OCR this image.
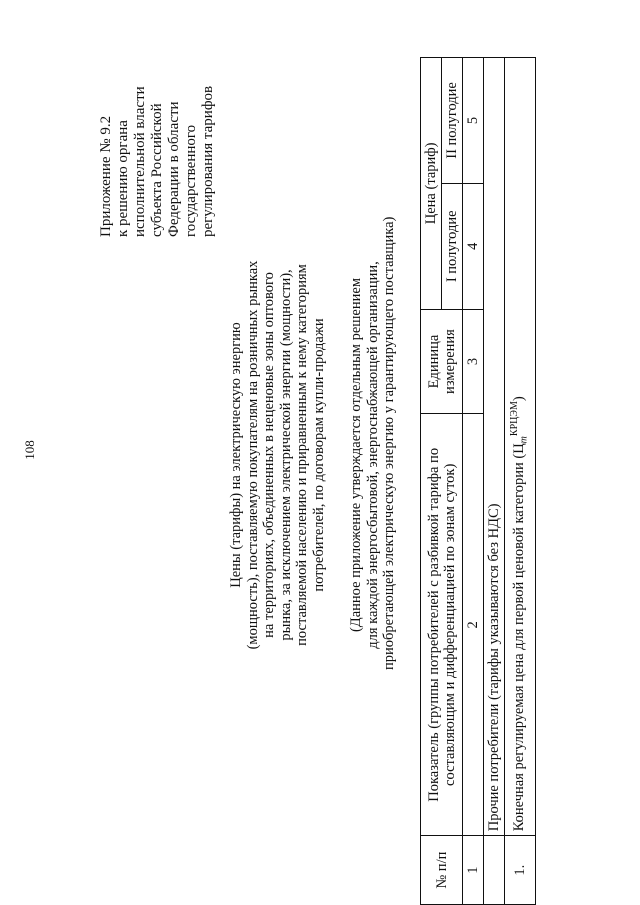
108
Приложение № 9.2 к решению органа исполнительной власти субъекта Российской Федерации в области государственного регулирования тарифов
Цены (тарифы) на электрическую энергию (мощность), поставляемую покупателям на розничных рынках на территориях, объединенных в неценовые зоны оптового рынка, за исключением электрической энергии (мощности), поставляемой населению и приравненным к нему категориям потребителей, по договорам купли-продажи (Данное приложение утверждается отдельным решением для каждой энергосбытовой, энергоснабжающей организации, приобретающей электрическую энергию у гарантирующего поставщика)
№ п/п	Показатель (группы потребителей с разбивкой тарифа по составляющим и дифференциацией по зонам суток)	Единица измерения	Цена (тариф)	
			I полугодие	II полугодие
1	2	3	4	5
	Прочие потребители (тарифы указываются без НДС)			
1.	Конечная регулируемая цена для первой ценовой категории $(Ц_m^{КРЦЭМ})$			
